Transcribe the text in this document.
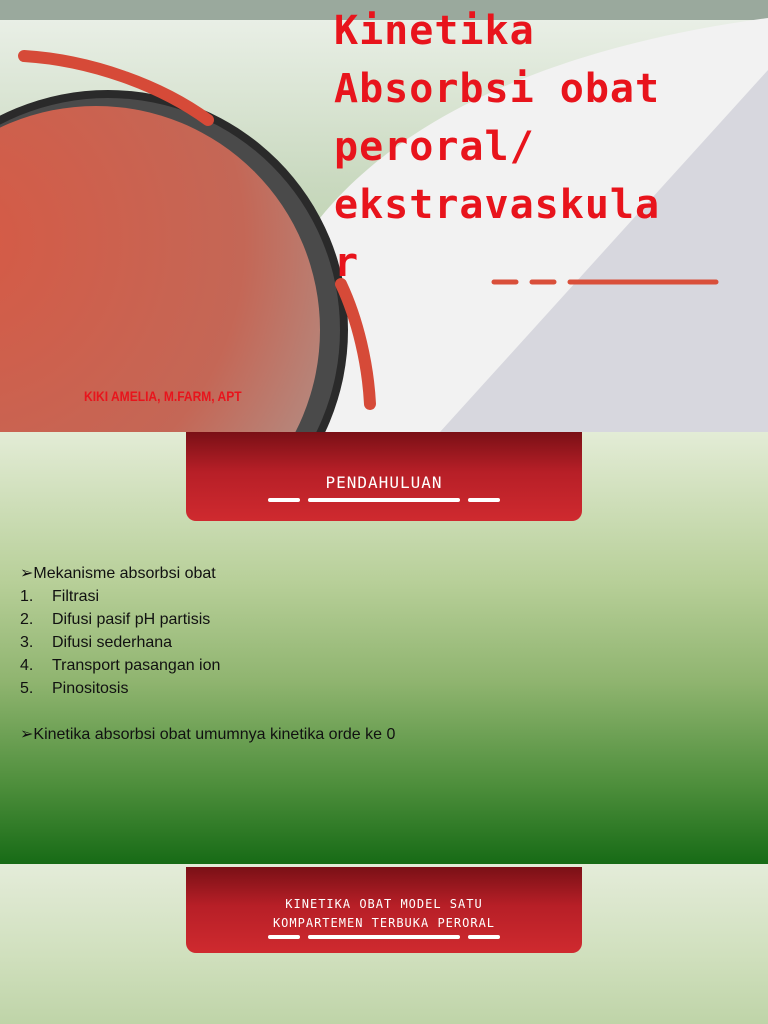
Kinetika
Absorbsi obat
peroral/
ekstravaskula
r

KIKI AMELIA, M.FARM, APT

PENDAHULUAN

➢Mekanisme absorbsi obat

1.	Filtrasi
2.	Difusi pasif pH partisis
3.	Difusi sederhana
4.	Transport pasangan ion
5.	Pinositosis

➢Kinetika absorbsi obat umumnya kinetika orde ke 0

KINETIKA OBAT MODEL SATU
KOMPARTEMEN TERBUKA PERORAL
